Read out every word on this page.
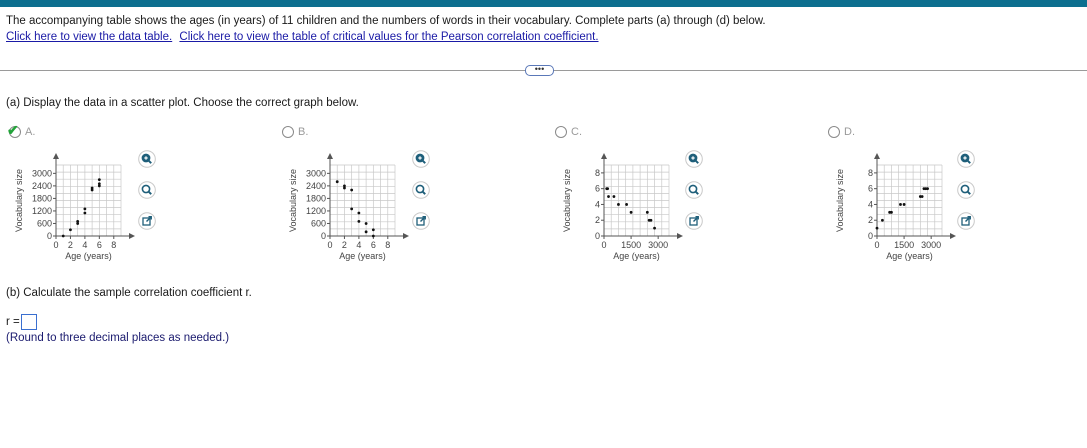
The accompanying table shows the ages (in years) of 11 children and the numbers of words in their vocabulary. Complete parts (a) through (d) below.
Click here to view the data table. Click here to view the table of critical values for the Pearson correlation coefficient.
•••
(a) Display the data in a scatter plot. Choose the correct graph below.
✔ A.	B.	C.	D.
0 2 4 6 8
0
600
1200
1800
2400
3000
Age (years)
Vocabulary size
0 2 4 6 8
0
600
1200
1800
2400
3000
Age (years)
Vocabulary size
0 1500 3000
0
2
4
6
8
Age (years)
Vocabulary size
0 1500 3000
0
2
4
6
8
Age (years)
Vocabulary size
(b) Calculate the sample correlation coefficient r.
r =
(Round to three decimal places as needed.)
